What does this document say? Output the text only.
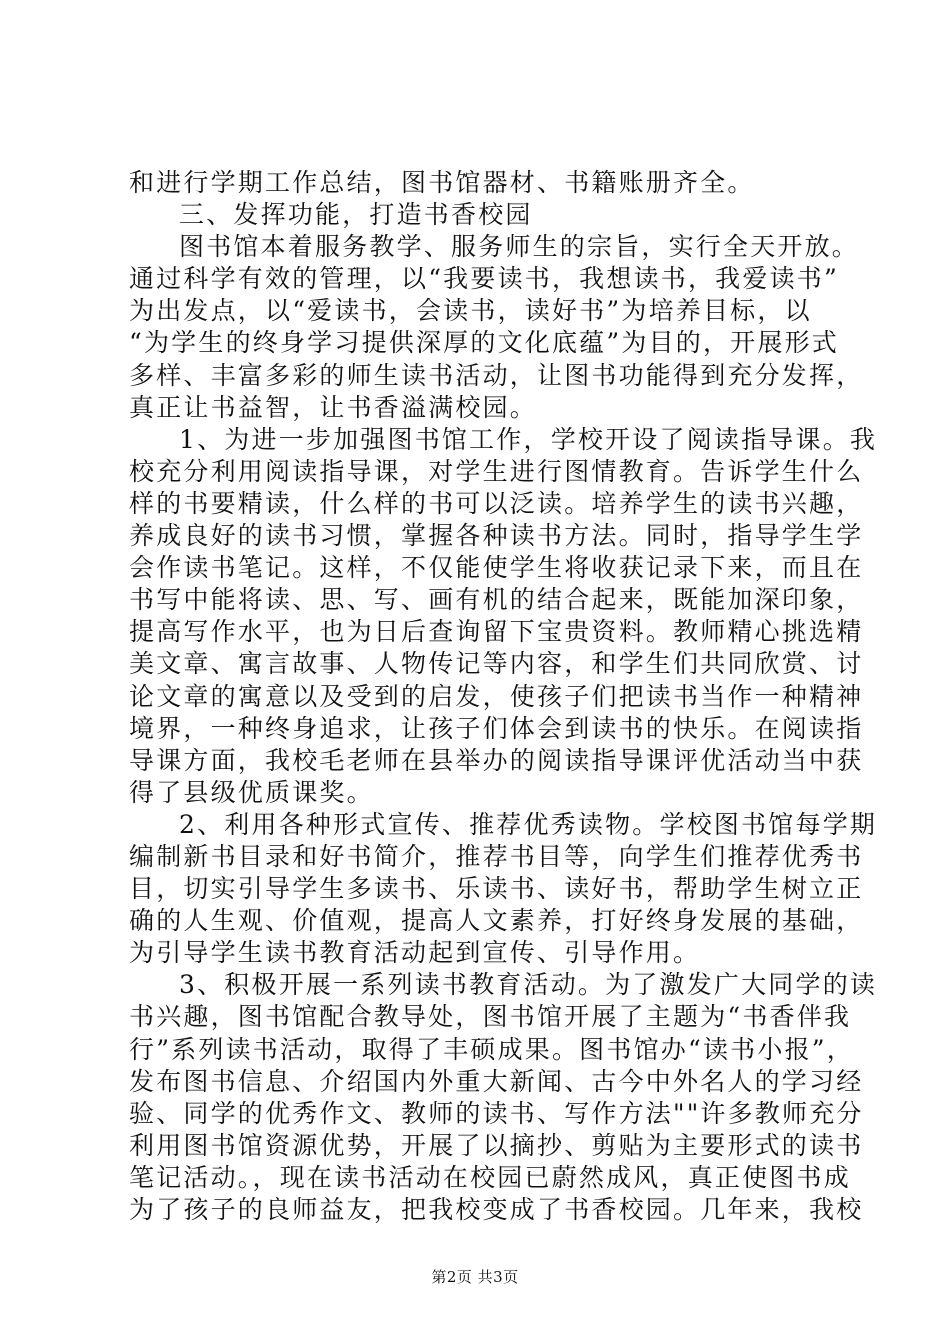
和进行学期工作总结，图书馆器材、书籍账册齐全。
三、发挥功能，打造书香校园
图书馆本着服务教学、服务师生的宗旨，实行全天开放。
通过科学有效的管理，以“我要读书，我想读书，我爱读书”
为出发点，以“爱读书，会读书，读好书”为培养目标，以
“为学生的终身学习提供深厚的文化底蕴”为目的，开展形式
多样、丰富多彩的师生读书活动，让图书功能得到充分发挥，
真正让书益智，让书香溢满校园。
1、为进一步加强图书馆工作，学校开设了阅读指导课。我
校充分利用阅读指导课，对学生进行图情教育。告诉学生什么
样的书要精读，什么样的书可以泛读。培养学生的读书兴趣，
养成良好的读书习惯，掌握各种读书方法。同时，指导学生学
会作读书笔记。这样，不仅能使学生将收获记录下来，而且在
书写中能将读、思、写、画有机的结合起来，既能加深印象，
提高写作水平，也为日后查询留下宝贵资料。教师精心挑选精
美文章、寓言故事、人物传记等内容，和学生们共同欣赏、讨
论文章的寓意以及受到的启发，使孩子们把读书当作一种精神
境界，一种终身追求，让孩子们体会到读书的快乐。在阅读指
导课方面，我校毛老师在县举办的阅读指导课评优活动当中获
得了县级优质课奖。
2、利用各种形式宣传、推荐优秀读物。学校图书馆每学期
编制新书目录和好书简介，推荐书目等，向学生们推荐优秀书
目，切实引导学生多读书、乐读书、读好书，帮助学生树立正
确的人生观、价值观，提高人文素养，打好终身发展的基础，
为引导学生读书教育活动起到宣传、引导作用。
3、积极开展一系列读书教育活动。为了激发广大同学的读
书兴趣，图书馆配合教导处，图书馆开展了主题为“书香伴我
行”系列读书活动，取得了丰硕成果。图书馆办“读书小报”，
发布图书信息、介绍国内外重大新闻、古今中外名人的学习经
验、同学的优秀作文、教师的读书、写作方法""许多教师充分
利用图书馆资源优势，开展了以摘抄、剪贴为主要形式的读书
笔记活动。，现在读书活动在校园已蔚然成风，真正使图书成
为了孩子的良师益友，把我校变成了书香校园。几年来，我校
第2页 共3页
